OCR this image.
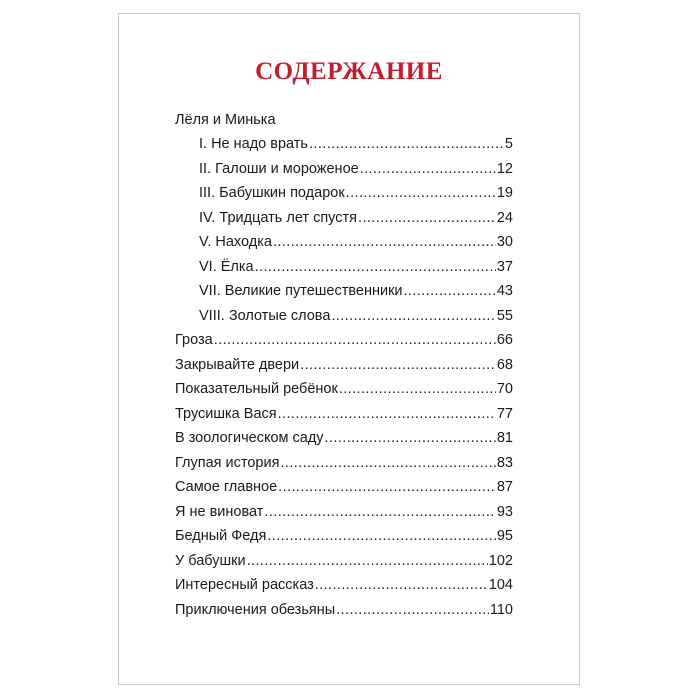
СОДЕРЖАНИЕ
Лёля и Минька
I. Не надо врать .....	5
II. Галоши и мороженое .....	12
III. Бабушкин подарок .....	19
IV. Тридцать лет спустя .....	24
V. Находка .....	30
VI. Ёлка .....	37
VII. Великие путешественники .....	43
VIII. Золотые слова .....	55
Гроза .....	66
Закрывайте двери .....	68
Показательный ребёнок .....	70
Трусишка Вася .....	77
В зоологическом саду .....	81
Глупая история .....	83
Самое главное .....	87
Я не виноват .....	93
Бедный Федя .....	95
У бабушки .....	102
Интересный рассказ .....	104
Приключения обезьяны .....	110
